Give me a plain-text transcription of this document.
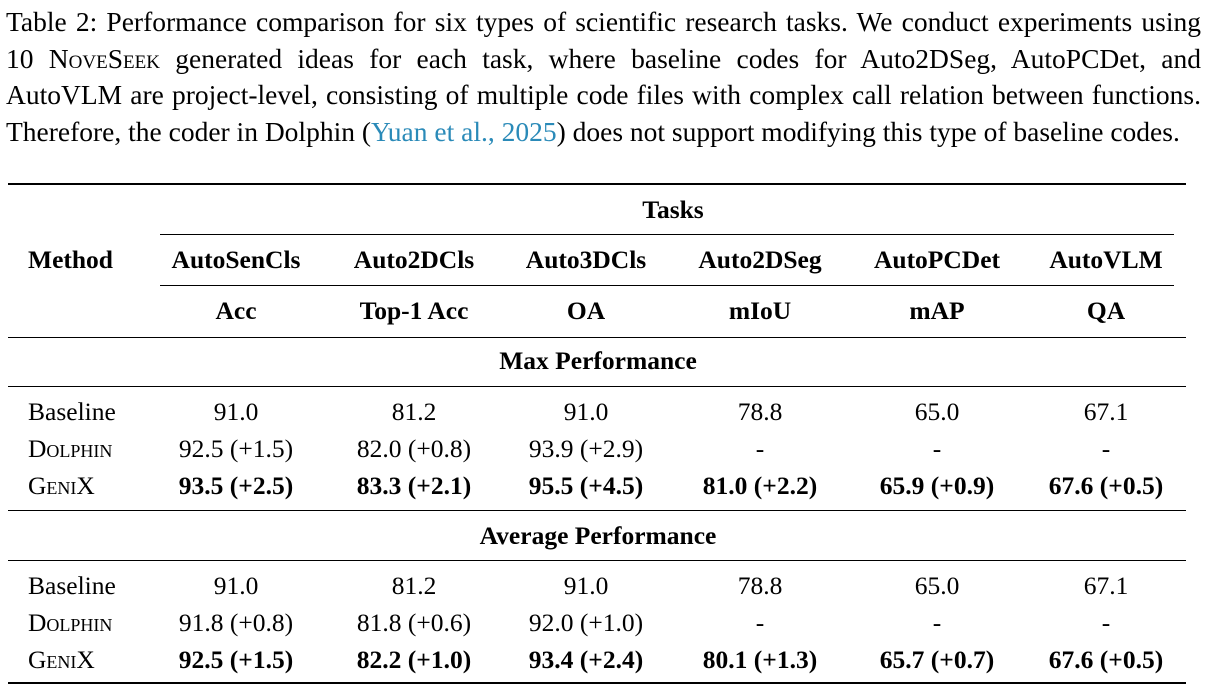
Table 2: Performance comparison for six types of scientific research tasks. We conduct experiments using 10 NoveSeek generated ideas for each task, where baseline codes for Auto2DSeg, AutoPCDet, and AutoVLM are project-level, consisting of multiple code files with complex call relation between functions. Therefore, the coder in Dolphin (Yuan et al., 2025) does not support modifying this type of baseline codes.
Tasks
Method AutoSenCls Auto2DCls Auto3DCls Auto2DSeg AutoPCDet AutoVLM
Acc	Top-1 Acc	OA	mIoU	mAP	QA
Max Performance
Baseline	91.0	81.2	91.0	78.8	65.0	67.1
Dolphin	92.5 (+1.5)	82.0 (+0.8) 93.9 (+2.9)	-	-	-
GeniX	93.5 (+2.5) 83.3 (+2.1) 95.5 (+4.5) 81.0 (+2.2) 65.9 (+0.9) 67.6 (+0.5)
Average Performance
Baseline	91.0	81.2	91.0	78.8	65.0	67.1
Dolphin	91.8 (+0.8)	81.8 (+0.6) 92.0 (+1.0)	-	-	-
GeniX	92.5 (+1.5) 82.2 (+1.0) 93.4 (+2.4) 80.1 (+1.3) 65.7 (+0.7) 67.6 (+0.5)
